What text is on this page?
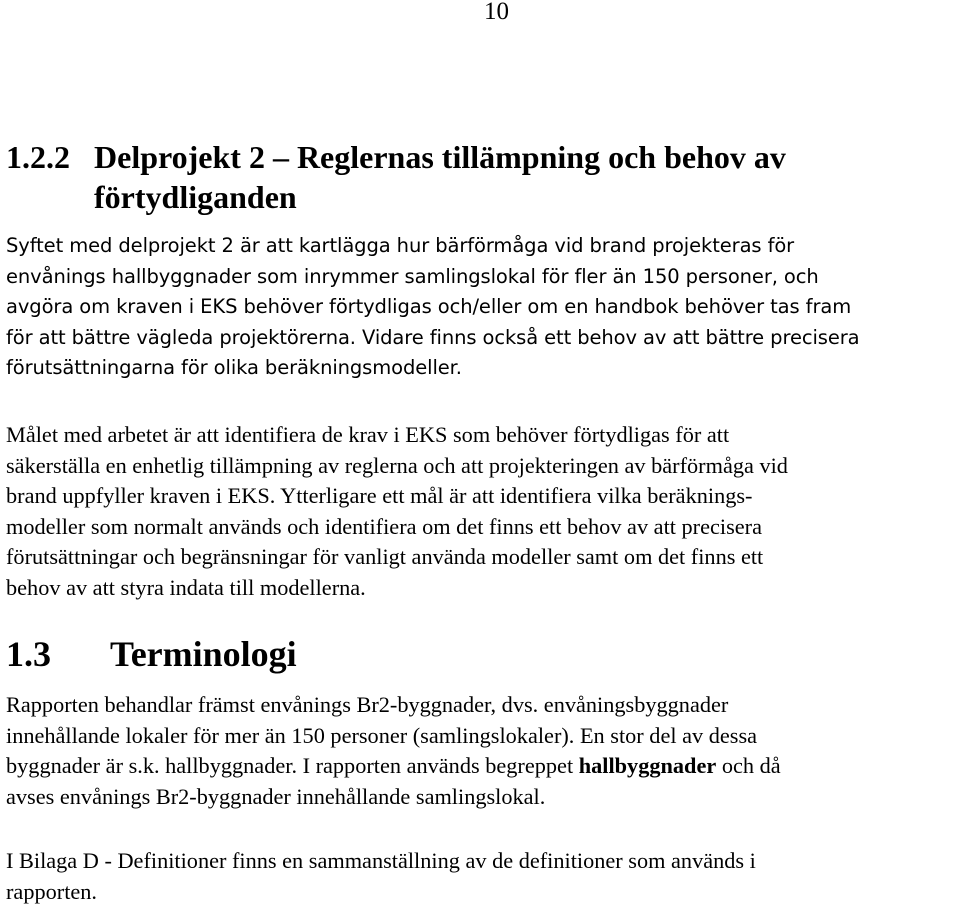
10
1.2.2 Delprojekt 2 – Reglernas tillämpning och behov av
förtydliganden

Syftet med delprojekt 2 är att kartlägga hur bärförmåga vid brand projekteras för
envånings hallbyggnader som inrymmer samlingslokal för fler än 150 personer, och
avgöra om kraven i EKS behöver förtydligas och/eller om en handbok behöver tas fram
för att bättre vägleda projektörerna. Vidare finns också ett behov av att bättre precisera
förutsättningarna för olika beräkningsmodeller.

Målet med arbetet är att identifiera de krav i EKS som behöver förtydligas för att
säkerställa en enhetlig tillämpning av reglerna och att projekteringen av bärförmåga vid
brand uppfyller kraven i EKS. Ytterligare ett mål är att identifiera vilka beräknings-
modeller som normalt används och identifiera om det finns ett behov av att precisera
förutsättningar och begränsningar för vanligt använda modeller samt om det finns ett
behov av att styra indata till modellerna.

1.3 Terminologi

Rapporten behandlar främst envånings Br2-byggnader, dvs. envåningsbyggnader
innehållande lokaler för mer än 150 personer (samlingslokaler). En stor del av dessa
byggnader är s.k. hallbyggnader. I rapporten används begreppet hallbyggnader och då
avses envånings Br2-byggnader innehållande samlingslokal.

I Bilaga D - Definitioner finns en sammanställning av de definitioner som används i
rapporten.
